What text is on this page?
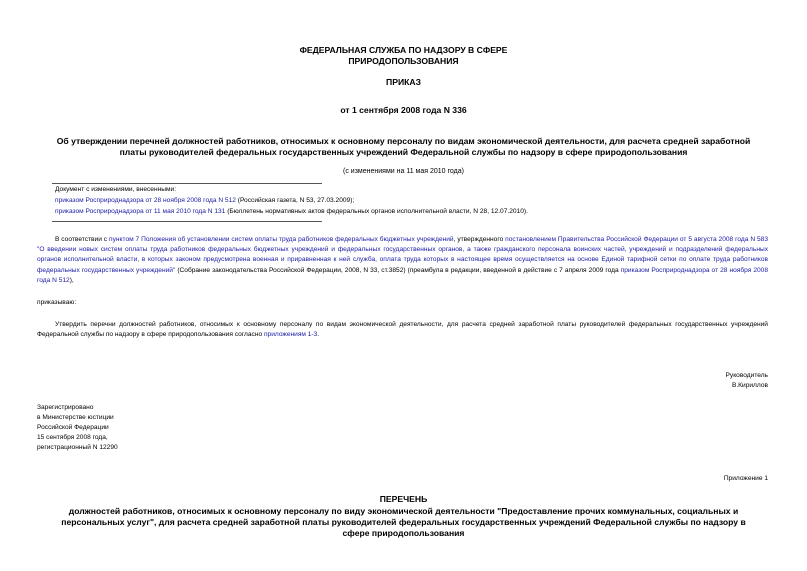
ФЕДЕРАЛЬНАЯ СЛУЖБА ПО НАДЗОРУ В СФЕРЕ
ПРИРОДОПОЛЬЗОВАНИЯ
ПРИКАЗ
от 1 сентября 2008 года N 336
Об утверждении перечней должностей работников, относимых к основному персоналу по видам экономической деятельности, для расчета средней заработной
платы руководителей федеральных государственных учреждений Федеральной службы по надзору в сфере природопользования
(с изменениями на 11 мая 2010 года)
Документ с изменениями, внесенными:
приказом Росприроднадзора от 28 ноября 2008 года N 512 (Российская газета, N 53, 27.03.2009);
приказом Росприроднадзора от 11 мая 2010 года N 131 (Бюллетень нормативных актов федеральных органов исполнительной власти, N 28, 12.07.2010).
В соответствии с пунктом 7 Положения об установлении систем оплаты труда работников федеральных бюджетных учреждений, утвержденного постановлением Правительства Российской Федерации от 5 августа 2008 года N 583 "О введении новых систем оплаты труда работников федеральных бюджетных учреждений и федеральных государственных органов, а также гражданского персонала воинских частей, учреждений и подразделений федеральных органов исполнительной власти, в которых законом предусмотрена военная и приравненная к ней служба, оплата труда которых в настоящее время осуществляется на основе Единой тарифной сетки по оплате труда работников федеральных государственных учреждений" (Собрание законодательства Российской Федерации, 2008, N 33, ст.3852) (преамбула в редакции, введенной в действие с 7 апреля 2009 года приказом Росприроднадзора от 28 ноября 2008 года N 512),
приказываю:
Утвердить перечни должностей работников, относимых к основному персоналу по видам экономической деятельности, для расчета средней заработной платы руководителей федеральных государственных учреждений Федеральной службы по надзору в сфере природопользования согласно приложениям 1-3.
Руководитель
В.Кириллов
Зарегистрировано
в Министерстве юстиции
Российской Федерации
15 сентября 2008 года,
регистрационный N 12290
Приложение 1
ПЕРЕЧЕНЬ
должностей работников, относимых к основному персоналу по виду экономической деятельности "Предоставление прочих коммунальных, социальных и
персональных услуг", для расчета средней заработной платы руководителей федеральных государственных учреждений Федеральной службы по надзору в
сфере природопользования
